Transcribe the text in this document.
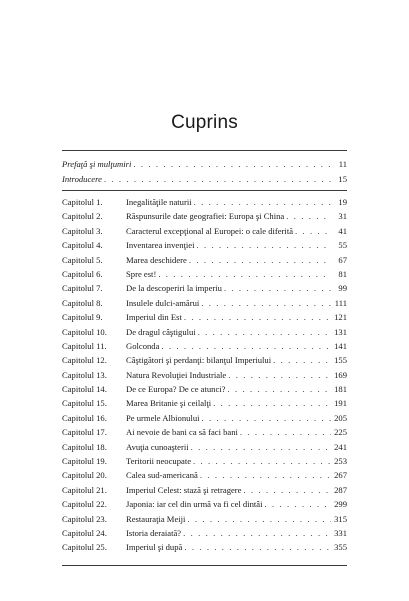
Cuprins
Prefaţă şi mulţumiri . . .	11
Introducere . . .	15
Capitolul 1.	Inegalităţile naturii . . .	19
Capitolul 2.	Răspunsurile date geografiei: Europa şi China . . .	31
Capitolul 3.	Caracterul excepţional al Europei: o cale diferită . . .	41
Capitolul 4.	Inventarea invenţiei . . .	55
Capitolul 5.	Marea deschidere . . .	67
Capitolul 6.	Spre est! . . .	81
Capitolul 7.	De la descoperiri la imperiu . . .	99
Capitolul 8.	Insulele dulci-amărui . . .	111
Capitolul 9.	Imperiul din Est . . .	121
Capitolul 10. De dragul câştigului . . .	131
Capitolul 11. Golconda . . .	141
Capitolul 12. Câştigători şi perdanţi: bilanţul Imperiului . . .	155
Capitolul 13. Natura Revoluţiei Industriale . . .	169
Capitolul 14. De ce Europa? De ce atunci? . . .	181
Capitolul 15. Marea Britanie şi ceilalţi . . .	191
Capitolul 16. Pe urmele Albionului . . .	205
Capitolul 17. Ai nevoie de bani ca să faci bani . . .	225
Capitolul 18. Avuţia cunoaşterii . . .	241
Capitolul 19. Teritorii neocupate . . .	253
Capitolul 20. Calea sud-americană . . .	267
Capitolul 21. Imperiul Celest: stază şi retragere . . .	287
Capitolul 22. Japonia: iar cel din urmă va fi cel dintâi . . .	299
Capitolul 23. Restauraţia Meiji . . .	315
Capitolul 24. Istoria deraiată? . . .	331
Capitolul 25. Imperiul şi după . . .	355
